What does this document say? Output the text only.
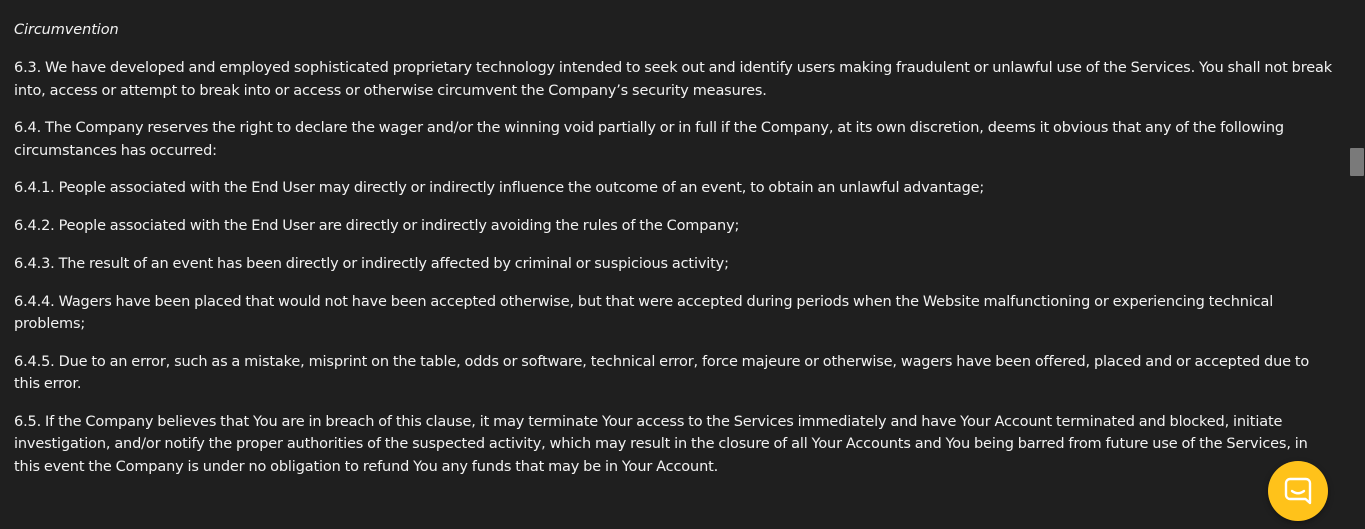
Circumvention

6.3. We have developed and employed sophisticated proprietary technology intended to seek out and identify users making fraudulent or unlawful use of the Services. You shall not break into, access or attempt to break into or access or otherwise circumvent the Company’s security measures.

6.4. The Company reserves the right to declare the wager and/or the winning void partially or in full if the Company, at its own discretion, deems it obvious that any of the following circumstances has occurred:

6.4.1. People associated with the End User may directly or indirectly influence the outcome of an event, to obtain an unlawful advantage;

6.4.2. People associated with the End User are directly or indirectly avoiding the rules of the Company;

6.4.3. The result of an event has been directly or indirectly affected by criminal or suspicious activity;

6.4.4. Wagers have been placed that would not have been accepted otherwise, but that were accepted during periods when the Website malfunctioning or experiencing technical problems;

6.4.5. Due to an error, such as a mistake, misprint on the table, odds or software, technical error, force majeure or otherwise, wagers have been offered, placed and or accepted due to this error.

6.5. If the Company believes that You are in breach of this clause, it may terminate Your access to the Services immediately and have Your Account terminated and blocked, initiate investigation, and/or notify the proper authorities of the suspected activity, which may result in the closure of all Your Accounts and You being barred from future use of the Services, in this event the Company is under no obligation to refund You any funds that may be in Your Account.
